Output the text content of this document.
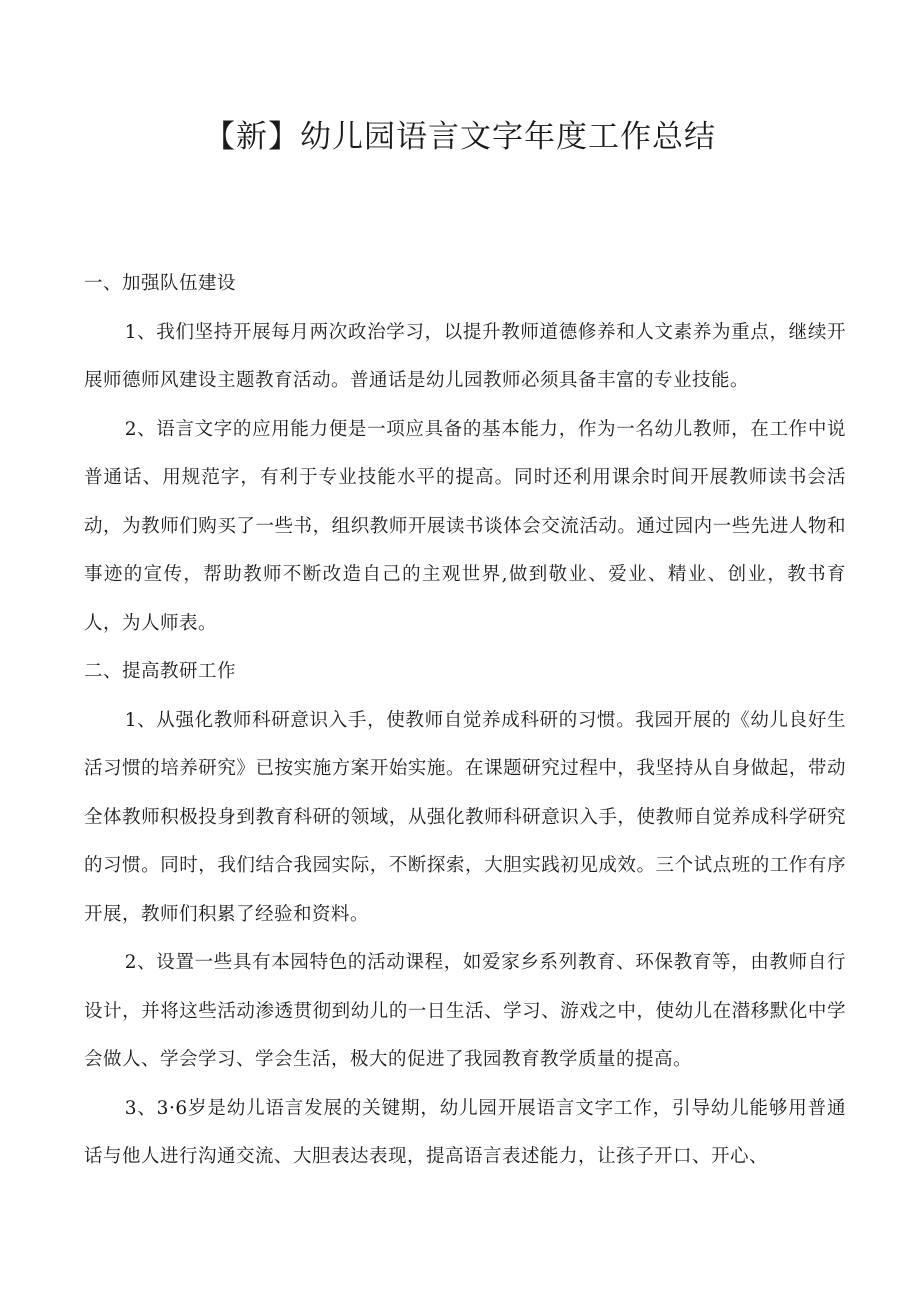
【新】幼儿园语言文字年度工作总结

一、加强队伍建设

1、我们坚持开展每月两次政治学习，以提升教师道德修养和人文素养为重点，继续开展师德师风建设主题教育活动。普通话是幼儿园教师必须具备丰富的专业技能。

2、语言文字的应用能力便是一项应具备的基本能力，作为一名幼儿教师，在工作中说普通话、用规范字，有利于专业技能水平的提高。同时还利用课余时间开展教师读书会活动，为教师们购买了一些书，组织教师开展读书谈体会交流活动。通过园内一些先进人物和事迹的宣传，帮助教师不断改造自己的主观世界,做到敬业、爱业、精业、创业，教书育人，为人师表。

二、提高教研工作

1、从强化教师科研意识入手，使教师自觉养成科研的习惯。我园开展的《幼儿良好生活习惯的培养研究》已按实施方案开始实施。在课题研究过程中，我坚持从自身做起，带动全体教师积极投身到教育科研的领域，从强化教师科研意识入手，使教师自觉养成科学研究的习惯。同时，我们结合我园实际，不断探索，大胆实践初见成效。三个试点班的工作有序开展，教师们积累了经验和资料。

2、设置一些具有本园特色的活动课程，如爱家乡系列教育、环保教育等，由教师自行设计，并将这些活动渗透贯彻到幼儿的一日生活、学习、游戏之中，使幼儿在潜移默化中学会做人、学会学习、学会生活，极大的促进了我园教育教学质量的提高。

3、3·6岁是幼儿语言发展的关键期，幼儿园开展语言文字工作，引导幼儿能够用普通话与他人进行沟通交流、大胆表达表现，提高语言表述能力，让孩子开口、开心、
